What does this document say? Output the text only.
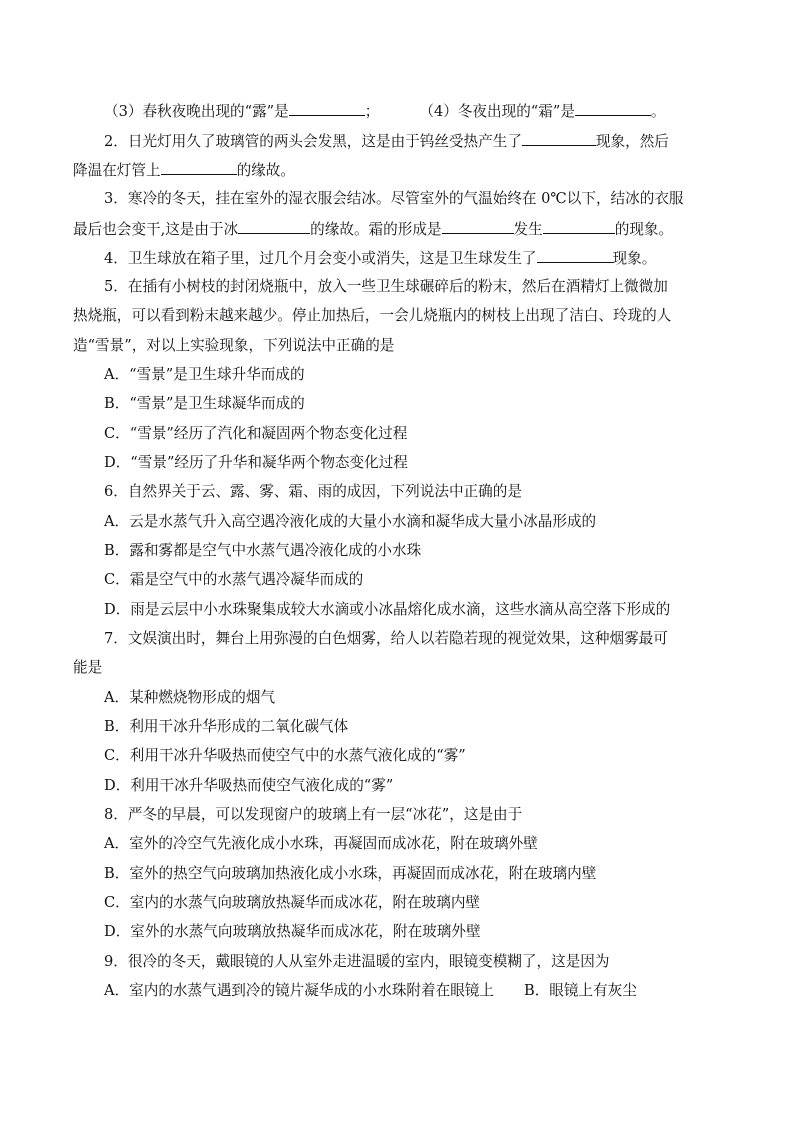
（3）春秋夜晚出现的“露”是	；	（4）冬夜出现的“霜”是	。
2．日光灯用久了玻璃管的两头会发黑，这是由于钨丝受热产生了	现象，然后
降温在灯管上	的缘故。
3．寒冷的冬天，挂在室外的湿衣服会结冰。尽管室外的气温始终在 0℃以下，结冰的衣服
最后也会变干,这是由于冰	的缘故。霜的形成是	发生	的现象。
4．卫生球放在箱子里，过几个月会变小或消失，这是卫生球发生了	现象。
5．在插有小树枝的封闭烧瓶中，放入一些卫生球碾碎后的粉末，然后在酒精灯上微微加
热烧瓶，可以看到粉末越来越少。停止加热后，一会儿烧瓶内的树枝上出现了洁白、玲珑的人
造“雪景”，对以上实验现象，下列说法中正确的是
A．“雪景”是卫生球升华而成的
B．“雪景”是卫生球凝华而成的
C．“雪景”经历了汽化和凝固两个物态变化过程
D．“雪景”经历了升华和凝华两个物态变化过程
6．自然界关于云、露、雾、霜、雨的成因，下列说法中正确的是
A．云是水蒸气升入高空遇冷液化成的大量小水滴和凝华成大量小冰晶形成的
B．露和雾都是空气中水蒸气遇冷液化成的小水珠
C．霜是空气中的水蒸气遇冷凝华而成的
D．雨是云层中小水珠聚集成较大水滴或小冰晶熔化成水滴，这些水滴从高空落下形成的
7．文娱演出时，舞台上用弥漫的白色烟雾，给人以若隐若现的视觉效果，这种烟雾最可
能是
A．某种燃烧物形成的烟气
B．利用干冰升华形成的二氧化碳气体
C．利用干冰升华吸热而使空气中的水蒸气液化成的“雾”
D．利用干冰升华吸热而使空气液化成的“雾”
8．严冬的早晨，可以发现窗户的玻璃上有一层“冰花”，这是由于
A．室外的冷空气先液化成小水珠，再凝固而成冰花，附在玻璃外壁
B．室外的热空气向玻璃加热液化成小水珠，再凝固而成冰花，附在玻璃内壁
C．室内的水蒸气向玻璃放热凝华而成冰花，附在玻璃内壁
D．室外的水蒸气向玻璃放热凝华而成冰花，附在玻璃外壁
9．很冷的冬天，戴眼镜的人从室外走进温暖的室内，眼镜变模糊了，这是因为
A．室内的水蒸气遇到冷的镜片凝华成的小水珠附着在眼镜上 B．眼镜上有灰尘
